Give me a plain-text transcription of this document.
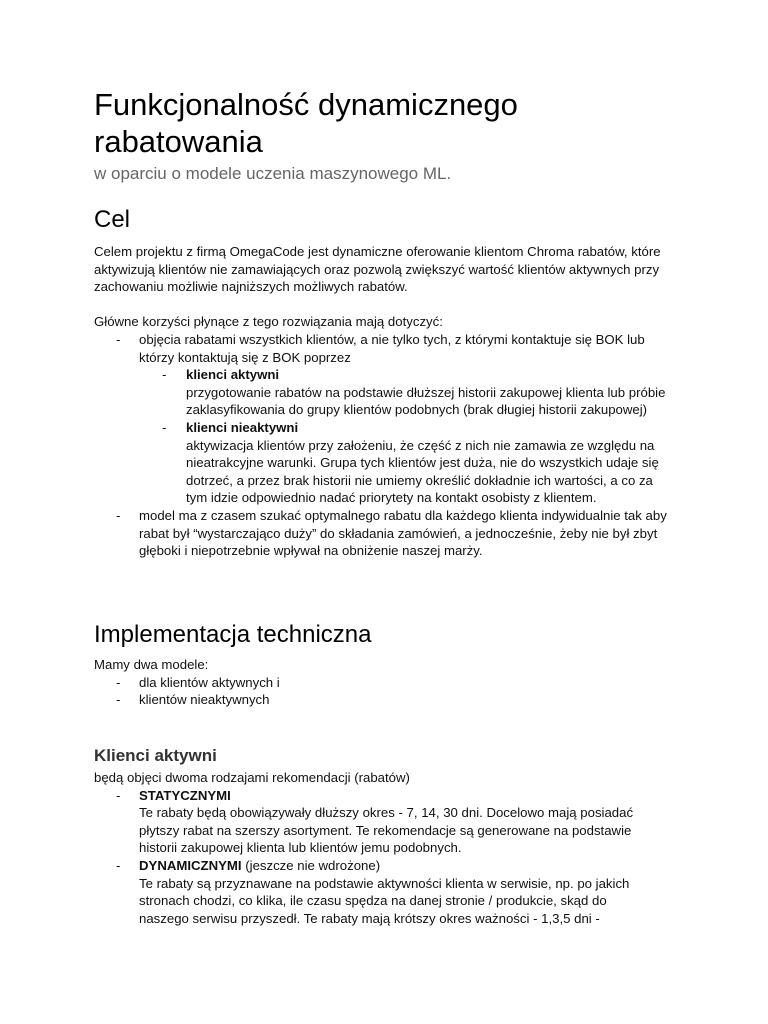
Funkcjonalność dynamicznego
rabatowania

w oparciu o modele uczenia maszynowego ML.

Cel

Celem projektu z firmą OmegaCode jest dynamiczne oferowanie klientom Chroma rabatów, które aktywizują klientów nie zamawiających oraz pozwolą zwiększyć wartość klientów aktywnych przy zachowaniu możliwie najniższych możliwych rabatów.

Główne korzyści płynące z tego rozwiązania mają dotyczyć:

- objęcia rabatami wszystkich klientów, a nie tylko tych, z którymi kontaktuje się BOK lub którzy kontaktują się z BOK poprzez
- klienci aktywni
przygotowanie rabatów na podstawie dłuższej historii zakupowej klienta lub próbie zaklasyfikowania do grupy klientów podobnych (brak długiej historii zakupowej)
- klienci nieaktywni
aktywizacja klientów przy założeniu, że część z nich nie zamawia ze względu na nieatrakcyjne warunki. Grupa tych klientów jest duża, nie do wszystkich udaje się dotrzeć, a przez brak historii nie umiemy określić dokładnie ich wartości, a co za tym idzie odpowiednio nadać priorytety na kontakt osobisty z klientem.
- model ma z czasem szukać optymalnego rabatu dla każdego klienta indywidualnie tak aby rabat był “wystarczająco duży” do składania zamówień, a jednocześnie, żeby nie był zbyt głęboki i niepotrzebnie wpływał na obniżenie naszej marży.
Implementacja techniczna

Mamy dwa modele:

- dla klientów aktywnych i
- klientów nieaktywnych
Klienci aktywni

będą objęci dwoma rodzajami rekomendacji (rabatów)

- STATYCZNYMI
Te rabaty będą obowiązywały dłuższy okres - 7, 14, 30 dni. Docelowo mają posiadać płytszy rabat na szerszy asortyment. Te rekomendacje są generowane na podstawie historii zakupowej klienta lub klientów jemu podobnych.
- DYNAMICZNYMI (jeszcze nie wdrożone)
Te rabaty są przyznawane na podstawie aktywności klienta w serwisie, np. po jakich stronach chodzi, co klika, ile czasu spędza na danej stronie / produkcie, skąd do naszego serwisu przyszedł. Te rabaty mają krótszy okres ważności - 1,3,5 dni -
